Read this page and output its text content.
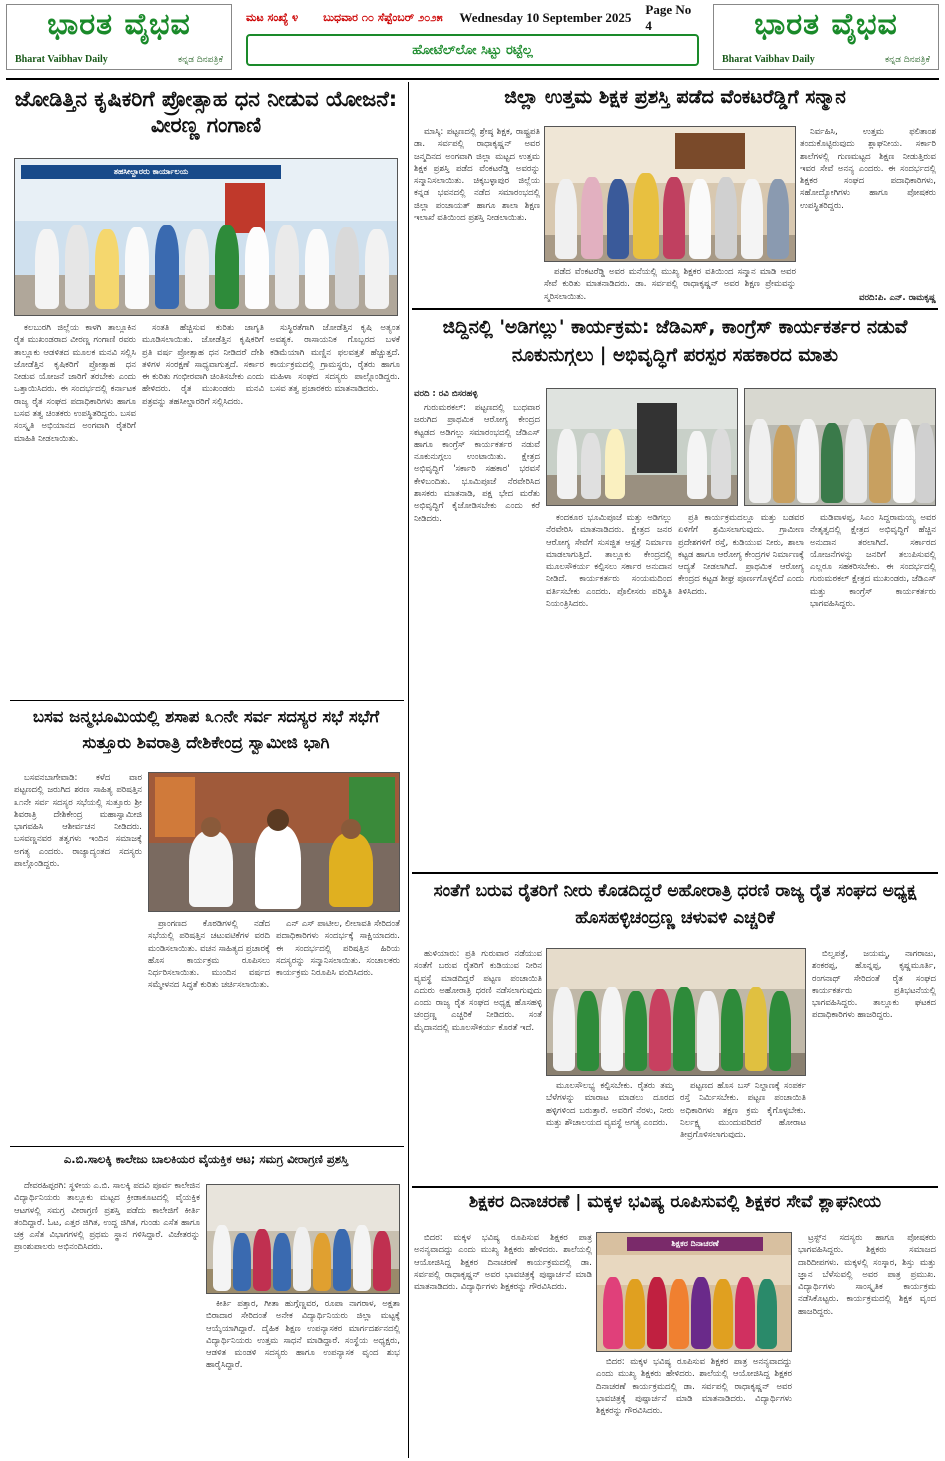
ಭಾರತ ವೈಭವ
Bharat Vaibhav Daily	ಕನ್ನಡ ದಿನಪತ್ರಿಕೆ
ಮಟ ಸಂಖ್ಯೆ ೪	ಬುಧವಾರ ೧೦ ಸೆಪ್ಟೆಂಬರ್ ೨೦೨೫	Wednesday 10 September 2025
Page No 4
ಹೋಟೆಲ್‌ಲೋ ಸಿಟ್ಟು ರಟ್ಟೆಲ್ಲ
ಭಾರತ ವೈಭವ
Bharat Vaibhav Daily	ಕನ್ನಡ ದಿನಪತ್ರಿಕೆ
ಜೋಡಿತ್ತಿನ ಕೃಷಿಕರಿಗೆ ಪ್ರೋತ್ಸಾಹ ಧನ ನೀಡುವ ಯೋಜನೆ: ವೀರಣ್ಣ ಗಂಗಾಣಿ
ತಹಸೀಲ್ದಾರರು ಕಾರ್ಯಾಲಯ

ಕಲಬುರಗಿ ಜಿಲ್ಲೆಯ ಕಾಳಗಿ ತಾಲ್ಲೂಕಿನ ರೈತ ಮುಖಂಡರಾದ ವೀರಣ್ಣ ಗಂಗಾಣಿ ರವರು ತಾಲ್ಲೂಕು ಆಡಳಿತದ ಮೂಲಕ ಮನವಿ ಸಲ್ಲಿಸಿ ಜೋಡೆತ್ತಿನ ಕೃಷಿಕರಿಗೆ ಪ್ರೋತ್ಸಾಹ ಧನ ನೀಡುವ ಯೋಜನೆ ಜಾರಿಗೆ ತರಬೇಕು ಎಂದು ಒತ್ತಾಯಿಸಿದರು. ಈ ಸಂದರ್ಭದಲ್ಲಿ ಕರ್ನಾಟಕ ರಾಜ್ಯ ರೈತ ಸಂಘದ ಪದಾಧಿಕಾರಿಗಳು ಹಾಗೂ ಬಸವ ತತ್ವ ಚಿಂತಕರು ಉಪಸ್ಥಿತರಿದ್ದರು. ಬಸವ ಸಂಸ್ಕೃತಿ ಅಭಿಯಾನದ ಅಂಗವಾಗಿ ರೈತರಿಗೆ ಮಾಹಿತಿ ನೀಡಲಾಯಿತು.

ಸಂತತಿ ಹೆಚ್ಚಿಸುವ ಕುರಿತು ಜಾಗೃತಿ ಮೂಡಿಸಲಾಯಿತು. ಜೋಡೆತ್ತಿನ ಕೃಷಿಕರಿಗೆ ಪ್ರತಿ ವರ್ಷ ಪ್ರೋತ್ಸಾಹ ಧನ ನೀಡಿದರೆ ದೇಶಿ ತಳಿಗಳ ಸಂರಕ್ಷಣೆ ಸಾಧ್ಯವಾಗುತ್ತದೆ. ಸರ್ಕಾರ ಈ ಕುರಿತು ಗಂಭೀರವಾಗಿ ಚಿಂತಿಸಬೇಕು ಎಂದು ಹೇಳಿದರು. ರೈತ ಮುಖಂಡರು ಮನವಿ ಪತ್ರವನ್ನು ತಹಸೀಲ್ದಾರರಿಗೆ ಸಲ್ಲಿಸಿದರು.

ಸುಸ್ಥಿರತೆಗಾಗಿ ಜೋಡೆತ್ತಿನ ಕೃಷಿ ಅತ್ಯಂತ ಅವಶ್ಯಕ. ರಾಸಾಯನಿಕ ಗೊಬ್ಬರದ ಬಳಕೆ ಕಡಿಮೆಯಾಗಿ ಮಣ್ಣಿನ ಫಲವತ್ತತೆ ಹೆಚ್ಚುತ್ತದೆ. ಕಾರ್ಯಕ್ರಮದಲ್ಲಿ ಗ್ರಾಮಸ್ಥರು, ರೈತರು ಹಾಗೂ ಮಹಿಳಾ ಸಂಘದ ಸದಸ್ಯರು ಪಾಲ್ಗೊಂಡಿದ್ದರು. ಬಸವ ತತ್ವ ಪ್ರಚಾರಕರು ಮಾತನಾಡಿದರು.

ಜಿಲ್ಲಾ ಉತ್ತಮ ಶಿಕ್ಷಕ ಪ್ರಶಸ್ತಿ ಪಡೆದ ವೆಂಕಟರೆಡ್ಡಿಗೆ ಸನ್ಮಾನ

ಮಾಸ್ಕಿ: ಪಟ್ಟಣದಲ್ಲಿ ಶ್ರೇಷ್ಠ ಶಿಕ್ಷಕ, ರಾಷ್ಟ್ರಪತಿ ಡಾ. ಸರ್ವಪಲ್ಲಿ ರಾಧಾಕೃಷ್ಣನ್ ಅವರ ಜನ್ಮದಿನದ ಅಂಗವಾಗಿ ಜಿಲ್ಲಾ ಮಟ್ಟದ ಉತ್ತಮ ಶಿಕ್ಷಕ ಪ್ರಶಸ್ತಿ ಪಡೆದ ವೆಂಕಟರೆಡ್ಡಿ ಅವರನ್ನು ಸನ್ಮಾನಿಸಲಾಯಿತು. ಚಿಕ್ಕಬಳ್ಳಾಪುರ ಜಿಲ್ಲೆಯ ಕನ್ನಡ ಭವನದಲ್ಲಿ ನಡೆದ ಸಮಾರಂಭದಲ್ಲಿ ಜಿಲ್ಲಾ ಪಂಚಾಯತ್ ಹಾಗೂ ಶಾಲಾ ಶಿಕ್ಷಣ ಇಲಾಖೆ ವತಿಯಿಂದ ಪ್ರಶಸ್ತಿ ನೀಡಲಾಯಿತು.

ಪಡೆದ ವೆಂಕಟರೆಡ್ಡಿ ಅವರ ಮನೆಯಲ್ಲಿ ಮುಖ್ಯ ಶಿಕ್ಷಕರ ವತಿಯಿಂದ ಸನ್ಮಾನ ಮಾಡಿ ಅವರ ಸೇವೆ ಕುರಿತು ಮಾತನಾಡಿದರು. ಡಾ. ಸರ್ವಪಲ್ಲಿ ರಾಧಾಕೃಷ್ಣನ್ ಅವರ ಶಿಕ್ಷಣ ಪ್ರೇಮವನ್ನು ಸ್ಮರಿಸಲಾಯಿತು.

ನಿರ್ವಹಿಸಿ, ಉತ್ತಮ ಫಲಿತಾಂಶ ತಂದುಕೊಟ್ಟಿರುವುದು ಶ್ಲಾಘನೀಯ. ಸರ್ಕಾರಿ ಶಾಲೆಗಳಲ್ಲಿ ಗುಣಮಟ್ಟದ ಶಿಕ್ಷಣ ನೀಡುತ್ತಿರುವ ಇವರ ಸೇವೆ ಅನನ್ಯ ಎಂದರು. ಈ ಸಂದರ್ಭದಲ್ಲಿ ಶಿಕ್ಷಕರ ಸಂಘದ ಪದಾಧಿಕಾರಿಗಳು, ಸಹೋದ್ಯೋಗಿಗಳು ಹಾಗೂ ಪೋಷಕರು ಉಪಸ್ಥಿತರಿದ್ದರು.

ವರದಿ:ಪಿ. ಎನ್. ರಾಮಕೃಷ್ಣ
ಜಿದ್ದಿನಲ್ಲಿ 'ಅಡಿಗಲ್ಲು' ಕಾರ್ಯಕ್ರಮ: ಜೆಡಿಎಸ್, ಕಾಂಗ್ರೆಸ್ ಕಾರ್ಯಕರ್ತರ ನಡುವೆ ನೂಕುನುಗ್ಗಲು | ಅಭಿವೃದ್ಧಿಗೆ ಪರಸ್ಪರ ಸಹಕಾರದ ಮಾತು
ವರದಿ : ರವಿ ಬಿಸರಹಳ್ಳಿ

ಗುರುಮಠಕಲ್: ಪಟ್ಟಣದಲ್ಲಿ ಬುಧವಾರ ಜರುಗಿದ ಪ್ರಾಥಮಿಕ ಆರೋಗ್ಯ ಕೇಂದ್ರದ ಕಟ್ಟಡದ ಅಡಿಗಲ್ಲು ಸಮಾರಂಭದಲ್ಲಿ ಜೆಡಿಎಸ್ ಹಾಗೂ ಕಾಂಗ್ರೆಸ್ ಕಾರ್ಯಕರ್ತರ ನಡುವೆ ನೂಕುನುಗ್ಗಲು ಉಂಟಾಯಿತು. ಕ್ಷೇತ್ರದ ಅಭಿವೃದ್ಧಿಗೆ 'ಸರ್ಕಾರಿ ಸಹಕಾರ' ಭರವಸೆ ಕೇಳಿಬಂದಿತು. ಭೂಮಿಪೂಜೆ ನೆರವೇರಿಸಿದ ಶಾಸಕರು ಮಾತನಾಡಿ, ಪಕ್ಷ ಭೇದ ಮರೆತು ಅಭಿವೃದ್ಧಿಗೆ ಕೈಜೋಡಿಸಬೇಕು ಎಂದು ಕರೆ ನೀಡಿದರು.	ಕಂದಕೂರ ಭೂಮಿಪೂಜೆ ಮತ್ತು ಅಡಿಗಲ್ಲು ನೆರವೇರಿಸಿ ಮಾತನಾಡಿದರು. ಕ್ಷೇತ್ರದ ಜನರ ಆರೋಗ್ಯ ಸೇವೆಗೆ ಸುಸಜ್ಜಿತ ಆಸ್ಪತ್ರೆ ನಿರ್ಮಾಣ ಮಾಡಲಾಗುತ್ತಿದೆ. ತಾಲ್ಲೂಕು ಕೇಂದ್ರದಲ್ಲಿ ಮೂಲಸೌಕರ್ಯ ಕಲ್ಪಿಸಲು ಸರ್ಕಾರ ಅನುದಾನ ನೀಡಿದೆ. ಕಾರ್ಯಕರ್ತರು ಸಂಯಮದಿಂದ ವರ್ತಿಸಬೇಕು ಎಂದರು. ಪೊಲೀಸರು ಪರಿಸ್ಥಿತಿ ನಿಯಂತ್ರಿಸಿದರು.

ಪ್ರತಿ ಕಾರ್ಯಕ್ರಮದಲ್ಲೂ ಮತ್ತು ಬಡವರ ಏಳಿಗೆಗೆ ಶ್ರಮಿಸಲಾಗುವುದು. ಗ್ರಾಮೀಣ ಪ್ರದೇಶಗಳಿಗೆ ರಸ್ತೆ, ಕುಡಿಯುವ ನೀರು, ಶಾಲಾ ಕಟ್ಟಡ ಹಾಗೂ ಆರೋಗ್ಯ ಕೇಂದ್ರಗಳ ನಿರ್ಮಾಣಕ್ಕೆ ಆದ್ಯತೆ ನೀಡಲಾಗಿದೆ. ಪ್ರಾಥಮಿಕ ಆರೋಗ್ಯ ಕೇಂದ್ರದ ಕಟ್ಟಡ ಶೀಘ್ರ ಪೂರ್ಣಗೊಳ್ಳಲಿದೆ ಎಂದು ತಿಳಿಸಿದರು.

ಮಡಿವಾಳಪ್ಪ, ಸಿಎಂ ಸಿದ್ದರಾಮಯ್ಯ ಅವರ ನೇತೃತ್ವದಲ್ಲಿ ಕ್ಷೇತ್ರದ ಅಭಿವೃದ್ಧಿಗೆ ಹೆಚ್ಚಿನ ಅನುದಾನ ತರಲಾಗಿದೆ. ಸರ್ಕಾರದ ಯೋಜನೆಗಳನ್ನು ಜನರಿಗೆ ತಲುಪಿಸುವಲ್ಲಿ ಎಲ್ಲರೂ ಸಹಕರಿಸಬೇಕು. ಈ ಸಂದರ್ಭದಲ್ಲಿ ಗುರುಮಠಕಲ್ ಕ್ಷೇತ್ರದ ಮುಖಂಡರು, ಜೆಡಿಎಸ್ ಮತ್ತು ಕಾಂಗ್ರೆಸ್ ಕಾರ್ಯಕರ್ತರು ಭಾಗವಹಿಸಿದ್ದರು.

ಬಸವ ಜನ್ಮಭೂಮಿಯಲ್ಲಿ ಶಸಾಪ ೩೧ನೇ ಸರ್ವ ಸದಸ್ಯರ ಸಭೆ ಸಭೆಗೆ ಸುತ್ತೂರು ಶಿವರಾತ್ರಿ ದೇಶಿಕೇಂದ್ರ ಸ್ವಾಮೀಜಿ ಭಾಗಿ

ಬಸವನಬಾಗೇವಾಡಿ: ಕಳೆದ ವಾರ ಪಟ್ಟಣದಲ್ಲಿ ಜರುಗಿದ ಶರಣ ಸಾಹಿತ್ಯ ಪರಿಷತ್ತಿನ ೩೧ನೇ ಸರ್ವ ಸದಸ್ಯರ ಸಭೆಯಲ್ಲಿ ಸುತ್ತೂರು ಶ್ರೀ ಶಿವರಾತ್ರಿ ದೇಶಿಕೇಂದ್ರ ಮಹಾಸ್ವಾಮೀಜಿ ಭಾಗವಹಿಸಿ ಆಶೀರ್ವಚನ ನೀಡಿದರು. ಬಸವಣ್ಣನವರ ತತ್ವಗಳು ಇಂದಿನ ಸಮಾಜಕ್ಕೆ ಅಗತ್ಯ ಎಂದರು. ರಾಜ್ಯಾದ್ಯಂತದ ಸದಸ್ಯರು ಪಾಲ್ಗೊಂಡಿದ್ದರು.

ಪ್ರಾಂಗಣದ ಕೊಠಡಿಗಳಲ್ಲಿ ನಡೆದ ಸಭೆಯಲ್ಲಿ ಪರಿಷತ್ತಿನ ಚಟುವಟಿಕೆಗಳ ವರದಿ ಮಂಡಿಸಲಾಯಿತು. ವಚನ ಸಾಹಿತ್ಯದ ಪ್ರಚಾರಕ್ಕೆ ಹೊಸ ಕಾರ್ಯಕ್ರಮ ರೂಪಿಸಲು ನಿರ್ಧರಿಸಲಾಯಿತು. ಮುಂದಿನ ವರ್ಷದ ಸಮ್ಮೇಳನದ ಸಿದ್ಧತೆ ಕುರಿತು ಚರ್ಚಿಸಲಾಯಿತು.

ಎನ್ ಎಸ್ ಪಾಟೀಲ, ಲೀಲಾವತಿ ಸೇರಿದಂತೆ ಪದಾಧಿಕಾರಿಗಳು ಸಂದರ್ಭಕ್ಕೆ ಸಾಕ್ಷಿಯಾದರು. ಈ ಸಂದರ್ಭದಲ್ಲಿ ಪರಿಷತ್ತಿನ ಹಿರಿಯ ಸದಸ್ಯರನ್ನು ಸನ್ಮಾನಿಸಲಾಯಿತು. ಸಂಚಾಲಕರು ಕಾರ್ಯಕ್ರಮ ನಿರೂಪಿಸಿ ವಂದಿಸಿದರು.

ಸಂತೆಗೆ ಬರುವ ರೈತರಿಗೆ ನೀರು ಕೊಡದಿದ್ದರೆ ಅಹೋರಾತ್ರಿ ಧರಣಿ ರಾಜ್ಯ ರೈತ ಸಂಘದ ಅಧ್ಯಕ್ಷ ಹೊಸಹಳ್ಳಿಚಂದ್ರಣ್ಣ ಚಳುವಳಿ ಎಚ್ಚರಿಕೆ

ಹುಳಿಯಾರು: ಪ್ರತಿ ಗುರುವಾರ ನಡೆಯುವ ಸಂತೆಗೆ ಬರುವ ರೈತರಿಗೆ ಕುಡಿಯುವ ನೀರಿನ ವ್ಯವಸ್ಥೆ ಮಾಡದಿದ್ದರೆ ಪಟ್ಟಣ ಪಂಚಾಯಿತಿ ಎದುರು ಅಹೋರಾತ್ರಿ ಧರಣಿ ನಡೆಸಲಾಗುವುದು ಎಂದು ರಾಜ್ಯ ರೈತ ಸಂಘದ ಅಧ್ಯಕ್ಷ ಹೊಸಹಳ್ಳಿ ಚಂದ್ರಣ್ಣ ಎಚ್ಚರಿಕೆ ನೀಡಿದರು. ಸಂತೆ ಮೈದಾನದಲ್ಲಿ ಮೂಲಸೌಕರ್ಯ ಕೊರತೆ ಇದೆ.

ಮೂಲಸೌಲಭ್ಯ ಕಲ್ಪಿಸಬೇಕು. ರೈತರು ತಮ್ಮ ಬೆಳೆಗಳನ್ನು ಮಾರಾಟ ಮಾಡಲು ದೂರದ ಹಳ್ಳಿಗಳಿಂದ ಬರುತ್ತಾರೆ. ಅವರಿಗೆ ನೆರಳು, ನೀರು ಮತ್ತು ಶೌಚಾಲಯದ ವ್ಯವಸ್ಥೆ ಅಗತ್ಯ ಎಂದರು.

ಪಟ್ಟಣದ ಹೊಸ ಬಸ್ ನಿಲ್ದಾಣಕ್ಕೆ ಸಂಪರ್ಕ ರಸ್ತೆ ನಿರ್ಮಿಸಬೇಕು. ಪಟ್ಟಣ ಪಂಚಾಯಿತಿ ಅಧಿಕಾರಿಗಳು ತಕ್ಷಣ ಕ್ರಮ ಕೈಗೊಳ್ಳಬೇಕು. ನಿರ್ಲಕ್ಷ್ಯ ಮುಂದುವರಿದರೆ ಹೋರಾಟ ತೀವ್ರಗೊಳಿಸಲಾಗುವುದು.

ಬಿಲ್ವಪತ್ರೆ, ಜಯಮ್ಮ, ನಾಗರಾಜು, ಶಂಕರಪ್ಪ, ಹೊನ್ನಪ್ಪ, ಕೃಷ್ಣಮೂರ್ತಿ, ರಂಗನಾಥ್ ಸೇರಿದಂತೆ ರೈತ ಸಂಘದ ಕಾರ್ಯಕರ್ತರು ಪ್ರತಿಭಟನೆಯಲ್ಲಿ ಭಾಗವಹಿಸಿದ್ದರು. ತಾಲ್ಲೂಕು ಘಟಕದ ಪದಾಧಿಕಾರಿಗಳು ಹಾಜರಿದ್ದರು.

ಎ.ಬಿ.ಸಾಲಕ್ಕಿ ಕಾಲೇಜು ಬಾಲಕಿಯರ ವೈಯಕ್ತಿಕ ಆಟ; ಸಮಗ್ರ ವೀರಾಗ್ರಣಿ ಪ್ರಶಸ್ತಿ

ದೇವರಹಿಪ್ಪರಗಿ: ಸ್ಥಳೀಯ ಎ.ಬಿ. ಸಾಲಕ್ಕಿ ಪದವಿ ಪೂರ್ವ ಕಾಲೇಜಿನ ವಿದ್ಯಾರ್ಥಿನಿಯರು ತಾಲ್ಲೂಕು ಮಟ್ಟದ ಕ್ರೀಡಾಕೂಟದಲ್ಲಿ ವೈಯಕ್ತಿಕ ಆಟಗಳಲ್ಲಿ ಸಮಗ್ರ ವೀರಾಗ್ರಣಿ ಪ್ರಶಸ್ತಿ ಪಡೆದು ಕಾಲೇಜಿಗೆ ಕೀರ್ತಿ ತಂದಿದ್ದಾರೆ. ಓಟ, ಎತ್ತರ ಜಿಗಿತ, ಉದ್ದ ಜಿಗಿತ, ಗುಂಡು ಎಸೆತ ಹಾಗೂ ಚಕ್ರ ಎಸೆತ ವಿಭಾಗಗಳಲ್ಲಿ ಪ್ರಥಮ ಸ್ಥಾನ ಗಳಿಸಿದ್ದಾರೆ. ವಿಜೇತರನ್ನು ಪ್ರಾಂಶುಪಾಲರು ಅಭಿನಂದಿಸಿದರು.

ಕೀರ್ತಿ ಪತ್ತಾರ, ಗೀತಾ ಹುಗ್ಗೆಣ್ಣವರ, ರೂಪಾ ನಾಗರಾಳ, ಅಕ್ಷತಾ ಬಿರಾದಾರ ಸೇರಿದಂತೆ ಅನೇಕ ವಿದ್ಯಾರ್ಥಿನಿಯರು ಜಿಲ್ಲಾ ಮಟ್ಟಕ್ಕೆ ಆಯ್ಕೆಯಾಗಿದ್ದಾರೆ. ದೈಹಿಕ ಶಿಕ್ಷಣ ಉಪನ್ಯಾಸಕರ ಮಾರ್ಗದರ್ಶನದಲ್ಲಿ ವಿದ್ಯಾರ್ಥಿನಿಯರು ಉತ್ತಮ ಸಾಧನೆ ಮಾಡಿದ್ದಾರೆ. ಸಂಸ್ಥೆಯ ಅಧ್ಯಕ್ಷರು, ಆಡಳಿತ ಮಂಡಳಿ ಸದಸ್ಯರು ಹಾಗೂ ಉಪನ್ಯಾಸಕ ವೃಂದ ಶುಭ ಹಾರೈಸಿದ್ದಾರೆ.

ಶಿಕ್ಷಕರ ದಿನಾಚರಣೆ | ಮಕ್ಕಳ ಭವಿಷ್ಯ ರೂಪಿಸುವಲ್ಲಿ ಶಿಕ್ಷಕರ ಸೇವೆ ಶ್ಲಾಘನೀಯ

ಬಿದರ: ಮಕ್ಕಳ ಭವಿಷ್ಯ ರೂಪಿಸುವ ಶಿಕ್ಷಕರ ಪಾತ್ರ ಅನನ್ಯವಾದದ್ದು ಎಂದು ಮುಖ್ಯ ಶಿಕ್ಷಕರು ಹೇಳಿದರು. ಶಾಲೆಯಲ್ಲಿ ಆಯೋಜಿಸಿದ್ದ ಶಿಕ್ಷಕರ ದಿನಾಚರಣೆ ಕಾರ್ಯಕ್ರಮದಲ್ಲಿ ಡಾ. ಸರ್ವಪಲ್ಲಿ ರಾಧಾಕೃಷ್ಣನ್ ಅವರ ಭಾವಚಿತ್ರಕ್ಕೆ ಪುಷ್ಪಾರ್ಚನೆ ಮಾಡಿ ಮಾತನಾಡಿದರು. ವಿದ್ಯಾರ್ಥಿಗಳು ಶಿಕ್ಷಕರನ್ನು ಗೌರವಿಸಿದರು.

ಶಿಕ್ಷಕರ ದಿನಾಚರಣೆ

ಬಿದರ: ಮಕ್ಕಳ ಭವಿಷ್ಯ ರೂಪಿಸುವ ಶಿಕ್ಷಕರ ಪಾತ್ರ ಅನನ್ಯವಾದದ್ದು ಎಂದು ಮುಖ್ಯ ಶಿಕ್ಷಕರು ಹೇಳಿದರು. ಶಾಲೆಯಲ್ಲಿ ಆಯೋಜಿಸಿದ್ದ ಶಿಕ್ಷಕರ ದಿನಾಚರಣೆ ಕಾರ್ಯಕ್ರಮದಲ್ಲಿ ಡಾ. ಸರ್ವಪಲ್ಲಿ ರಾಧಾಕೃಷ್ಣನ್ ಅವರ ಭಾವಚಿತ್ರಕ್ಕೆ ಪುಷ್ಪಾರ್ಚನೆ ಮಾಡಿ ಮಾತನಾಡಿದರು. ವಿದ್ಯಾರ್ಥಿಗಳು ಶಿಕ್ಷಕರನ್ನು ಗೌರವಿಸಿದರು.

ಟ್ರಸ್ಟ್‌ನ ಸದಸ್ಯರು ಹಾಗೂ ಪೋಷಕರು ಭಾಗವಹಿಸಿದ್ದರು. ಶಿಕ್ಷಕರು ಸಮಾಜದ ದಾರಿದೀಪಗಳು. ಮಕ್ಕಳಲ್ಲಿ ಸಂಸ್ಕಾರ, ಶಿಸ್ತು ಮತ್ತು ಜ್ಞಾನ ಬೆಳೆಸುವಲ್ಲಿ ಅವರ ಪಾತ್ರ ಪ್ರಮುಖ. ವಿದ್ಯಾರ್ಥಿಗಳು ಸಾಂಸ್ಕೃತಿಕ ಕಾರ್ಯಕ್ರಮ ನಡೆಸಿಕೊಟ್ಟರು. ಕಾರ್ಯಕ್ರಮದಲ್ಲಿ ಶಿಕ್ಷಕ ವೃಂದ ಹಾಜರಿದ್ದರು.
